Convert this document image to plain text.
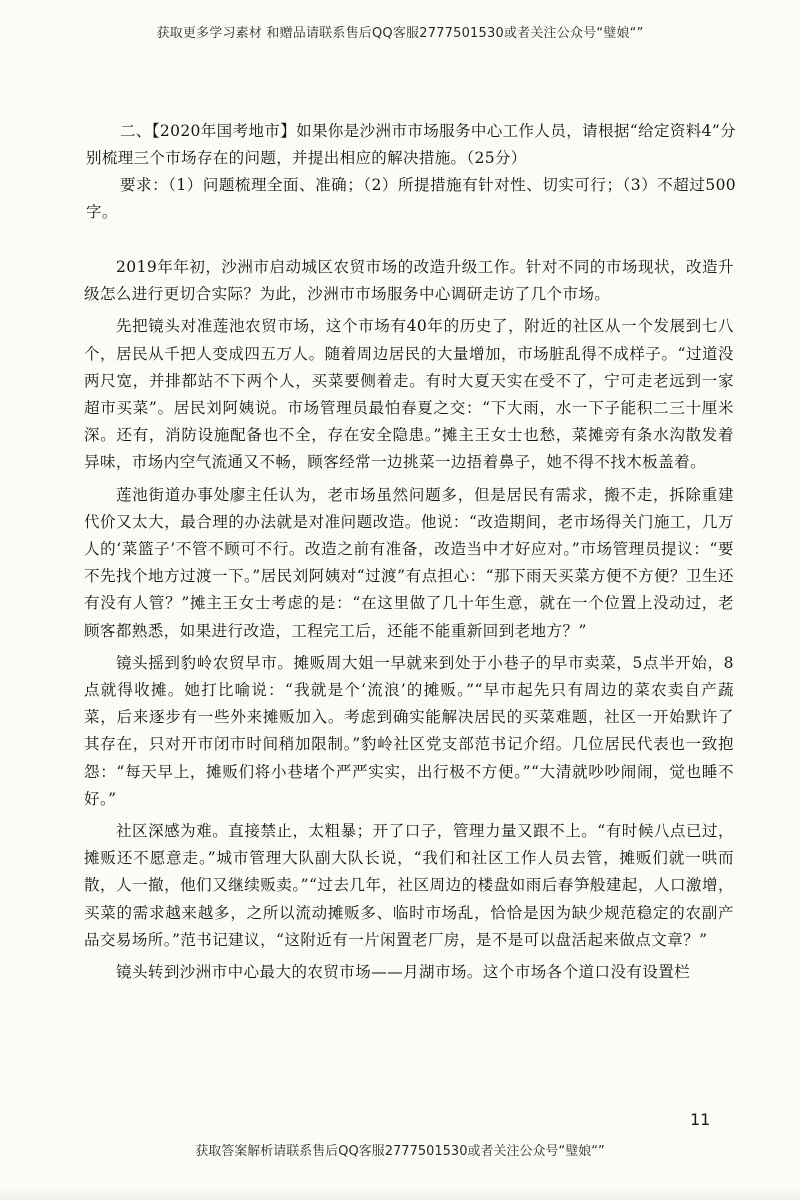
获取更多学习素材 和赠品请联系售后QQ客服2777501530或者关注公众号“璧娘“”
二、【2020年国考地市】如果你是沙洲市市场服务中心工作人员，请根据“给定资料4”分别梳理三个市场存在的问题，并提出相应的解决措施。（25分）
要求：（1）问题梳理全面、准确；（2）所提措施有针对性、切实可行；（3）不超过500字。

2019年年初，沙洲市启动城区农贸市场的改造升级工作。针对不同的市场现状，改造升级怎么进行更切合实际？为此，沙洲市市场服务中心调研走访了几个市场。

先把镜头对准莲池农贸市场，这个市场有40年的历史了，附近的社区从一个发展到七八个，居民从千把人变成四五万人。随着周边居民的大量增加，市场脏乱得不成样子。“过道没两尺宽，并排都站不下两个人，买菜要侧着走。有时大夏天实在受不了，宁可走老远到一家超市买菜”。居民刘阿姨说。市场管理员最怕春夏之交：“下大雨，水一下子能积二三十厘米深。还有，消防设施配备也不全，存在安全隐患。”摊主王女士也愁，菜摊旁有条水沟散发着异味，市场内空气流通又不畅，顾客经常一边挑菜一边捂着鼻子，她不得不找木板盖着。

莲池街道办事处廖主任认为，老市场虽然问题多，但是居民有需求，搬不走，拆除重建代价又太大，最合理的办法就是对准问题改造。他说：“改造期间，老市场得关门施工，几万人的‘菜篮子’不管不顾可不行。改造之前有准备，改造当中才好应对。”市场管理员提议：“要不先找个地方过渡一下。”居民刘阿姨对“过渡”有点担心：“那下雨天买菜方便不方便？卫生还有没有人管？”摊主王女士考虑的是：“在这里做了几十年生意，就在一个位置上没动过，老顾客都熟悉，如果进行改造，工程完工后，还能不能重新回到老地方？”

镜头摇到豹岭农贸早市。摊贩周大姐一早就来到处于小巷子的早市卖菜，5点半开始，8点就得收摊。她打比喻说：“我就是个‘流浪’的摊贩。”“早市起先只有周边的菜农卖自产蔬菜，后来逐步有一些外来摊贩加入。考虑到确实能解决居民的买菜难题，社区一开始默许了其存在，只对开市闭市时间稍加限制。”豹岭社区党支部范书记介绍。几位居民代表也一致抱怨：“每天早上，摊贩们将小巷堵个严严实实，出行极不方便。”“大清就吵吵闹闹，觉也睡不好。”

社区深感为难。直接禁止，太粗暴；开了口子，管理力量又跟不上。“有时候八点已过，摊贩还不愿意走。”城市管理大队副大队长说，“我们和社区工作人员去管，摊贩们就一哄而散，人一撤，他们又继续贩卖。”“过去几年，社区周边的楼盘如雨后春笋般建起，人口激增，买菜的需求越来越多，之所以流动摊贩多、临时市场乱，恰恰是因为缺少规范稳定的农副产品交易场所。”范书记建议，“这附近有一片闲置老厂房，是不是可以盘活起来做点文章？”

镜头转到沙洲市中心最大的农贸市场——月湖市场。这个市场各个道口没有设置栏

11
获取答案解析请联系售后QQ客服2777501530或者关注公众号“璧娘“”
